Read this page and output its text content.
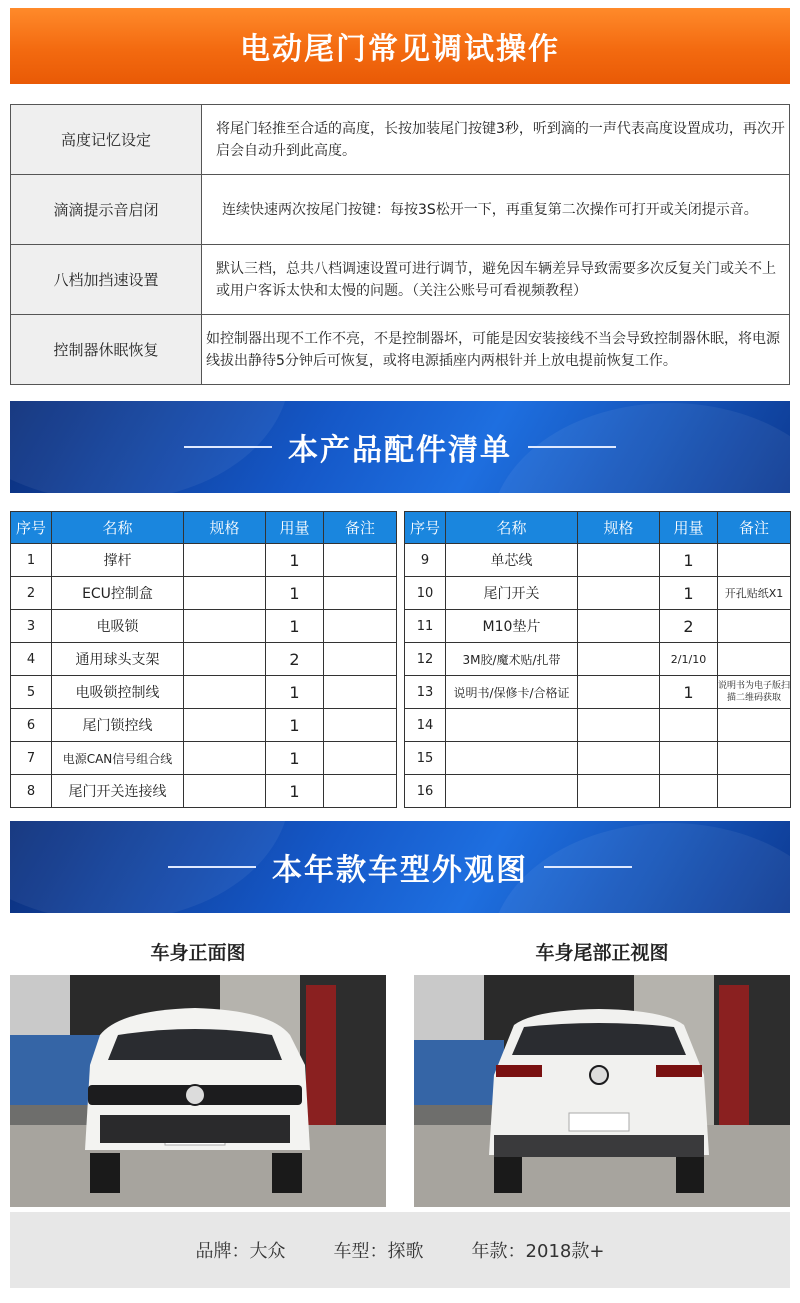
电动尾门常见调试操作
高度记忆设定	将尾门轻推至合适的高度，长按加装尾门按键3秒，听到滴的一声代表高度设置成功，再次开启会自动升到此高度。
滴滴提示音启闭	连续快速两次按尾门按键：每按3S松开一下，再重复第二次操作可打开或关闭提示音。
八档加挡速设置	默认三档，总共八档调速设置可进行调节，避免因车辆差异导致需要多次反复关门或关不上或用户客诉太快和太慢的问题。（关注公账号可看视频教程）
控制器休眠恢复	如控制器出现不工作不亮，不是控制器坏，可能是因安装接线不当会导致控制器休眠，将电源线拔出静待5分钟后可恢复，或将电源插座内两根针并上放电提前恢复工作。
本产品配件清单
序号	名称	规格	用量	备注
1	撑杆		1	
2	ECU控制盒		1	
3	电吸锁		1	
4	通用球头支架		2	
5	电吸锁控制线		1	
6	尾门锁控线		1	
7	电源CAN信号组合线		1	
8	尾门开关连接线		1	
序号	名称	规格	用量	备注
9	单芯线		1	
10	尾门开关		1	开孔贴纸X1
11	M10垫片		2	
12	3M胶/魔术贴/扎带		2/1/10	
13	说明书/保修卡/合格证		1	说明书为电子版扫描二维码获取
14				
15				
16				
本年款车型外观图
车身正面图	车身尾部正视图
品牌：大众	车型：探歌	年款：2018款+
